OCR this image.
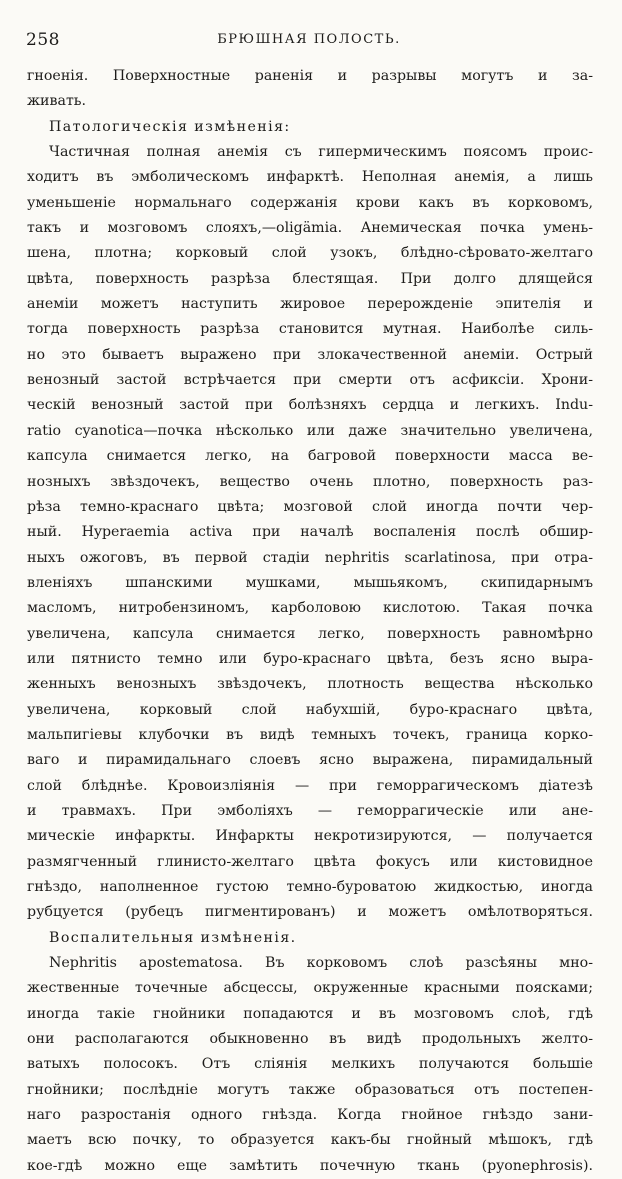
258	БРЮШНАЯ ПОЛОСТЬ.
гноенія. Поверхностные раненія и разрывы могутъ и за-
живать.
Патологическія измѣненія:
Частичная полная анемія съ гипермическимъ поясомъ проис-
ходитъ въ эмболическомъ инфарктѣ. Неполная анемія, а лишь
уменьшеніе нормальнаго содержанія крови какъ въ корковомъ,
такъ и мозговомъ слояхъ,—oligämia. Анемическая почка умень-
шена, плотна; корковый слой узокъ, блѣдно-сѣровато-желтаго
цвѣта, поверхность разрѣза блестящая. При долго длящейся
анеміи можетъ наступить жировое перерожденіе эпителія и
тогда поверхность разрѣза становится мутная. Наиболѣе силь-
но это бываетъ выражено при злокачественной анеміи. Острый
венозный застой встрѣчается при смерти отъ асфиксіи. Хрони-
ческій венозный застой при болѣзняхъ сердца и легкихъ. Indu-
ratio cyanotica—почка нѣсколько или даже значительно увеличена,
капсула снимается легко, на багровой поверхности масса ве-
нозныхъ звѣздочекъ, вещество очень плотно, поверхность раз-
рѣза темно-краснаго цвѣта; мозговой слой иногда почти чер-
ный. Hyperaemia activa при началѣ воспаленія послѣ обшир-
ныхъ ожоговъ, въ первой стадіи nephritis scarlatinosa, при отра-
вленіяхъ шпанскими мушками, мышьякомъ, скипидарнымъ
масломъ, нитробензиномъ, карболовою кислотою. Такая почка
увеличена, капсула снимается легко, поверхность равномѣрно
или пятнисто темно или буро-краснаго цвѣта, безъ ясно выра-
женныхъ венозныхъ звѣздочекъ, плотность вещества нѣсколько
увеличена, корковый слой набухшій, буро-краснаго цвѣта,
мальпигіевы клубочки въ видѣ темныхъ точекъ, граница корко-
ваго и пирамидальнаго слоевъ ясно выражена, пирамидальный
слой блѣднѣе. Кровоизліянія — при геморрагическомъ діатезѣ
и травмахъ. При эмболіяхъ — геморрагическіе или ане-
мическіе инфаркты. Инфаркты некротизируются, — получается
размягченный глинисто-желтаго цвѣта фокусъ или кистовидное
гнѣздо, наполненное густою темно-буроватою жидкостью, иногда
рубцуется (рубецъ пигментированъ) и можетъ омѣлотворяться.
Воспалительныя измѣненія.
Nephritis apostematosa. Въ корковомъ слоѣ разсѣяны мно-
жественные точечные абсцессы, окруженные красными поясками;
иногда такіе гнойники попадаются и въ мозговомъ слоѣ, гдѣ
они располагаются обыкновенно въ видѣ продольныхъ желто-
ватыхъ полосокъ. Отъ сліянія мелкихъ получаются большіе
гнойники; послѣдніе могутъ также образоваться отъ постепен-
наго разростанія одного гнѣзда. Когда гнойное гнѣздо зани-
маетъ всю почку, то образуется какъ-бы гнойный мѣшокъ, гдѣ
кое-гдѣ можно еще замѣтить почечную ткань (pyonephrosis).
